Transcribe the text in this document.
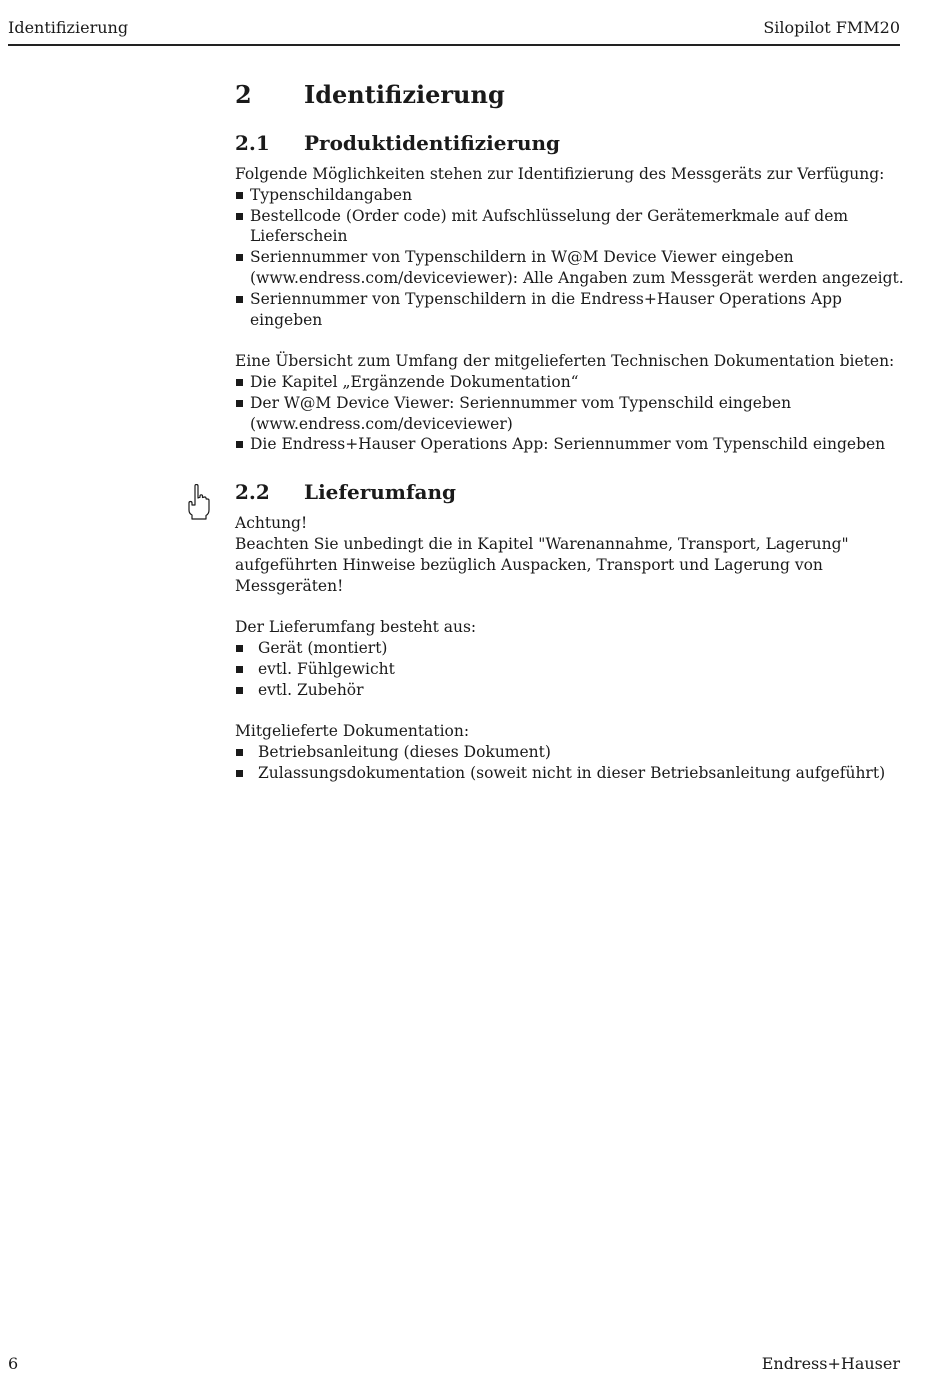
Identifizierung	Silopilot FMM20
2	Identifizierung
2.1	Produktidentifizierung

Folgende Möglichkeiten stehen zur Identifizierung des Messgeräts zur Verfügung:

Typenschildangaben
Bestellcode (Order code) mit Aufschlüsselung der Gerätemerkmale auf dem Lieferschein
Seriennummer von Typenschildern in W@M Device Viewer eingeben (www.endress.com/deviceviewer): Alle Angaben zum Messgerät werden angezeigt.
Seriennummer von Typenschildern in die Endress+Hauser Operations App eingeben

Eine Übersicht zum Umfang der mitgelieferten Technischen Dokumentation bieten:

Die Kapitel „Ergänzende Dokumentation“
Der W@M Device Viewer: Seriennummer vom Typenschild eingeben (www.endress.com/deviceviewer)
Die Endress+Hauser Operations App: Seriennummer vom Typenschild eingeben
2.2	Lieferumfang

Achtung!

Beachten Sie unbedingt die in Kapitel "Warenannahme, Transport, Lagerung" aufgeführten Hinweise bezüglich Auspacken, Transport und Lagerung von Messgeräten!

Der Lieferumfang besteht aus:

Gerät (montiert)
evtl. Fühlgewicht
evtl. Zubehör

Mitgelieferte Dokumentation:

Betriebsanleitung (dieses Dokument)
Zulassungsdokumentation (soweit nicht in dieser Betriebsanleitung aufgeführt)
6	Endress+Hauser
